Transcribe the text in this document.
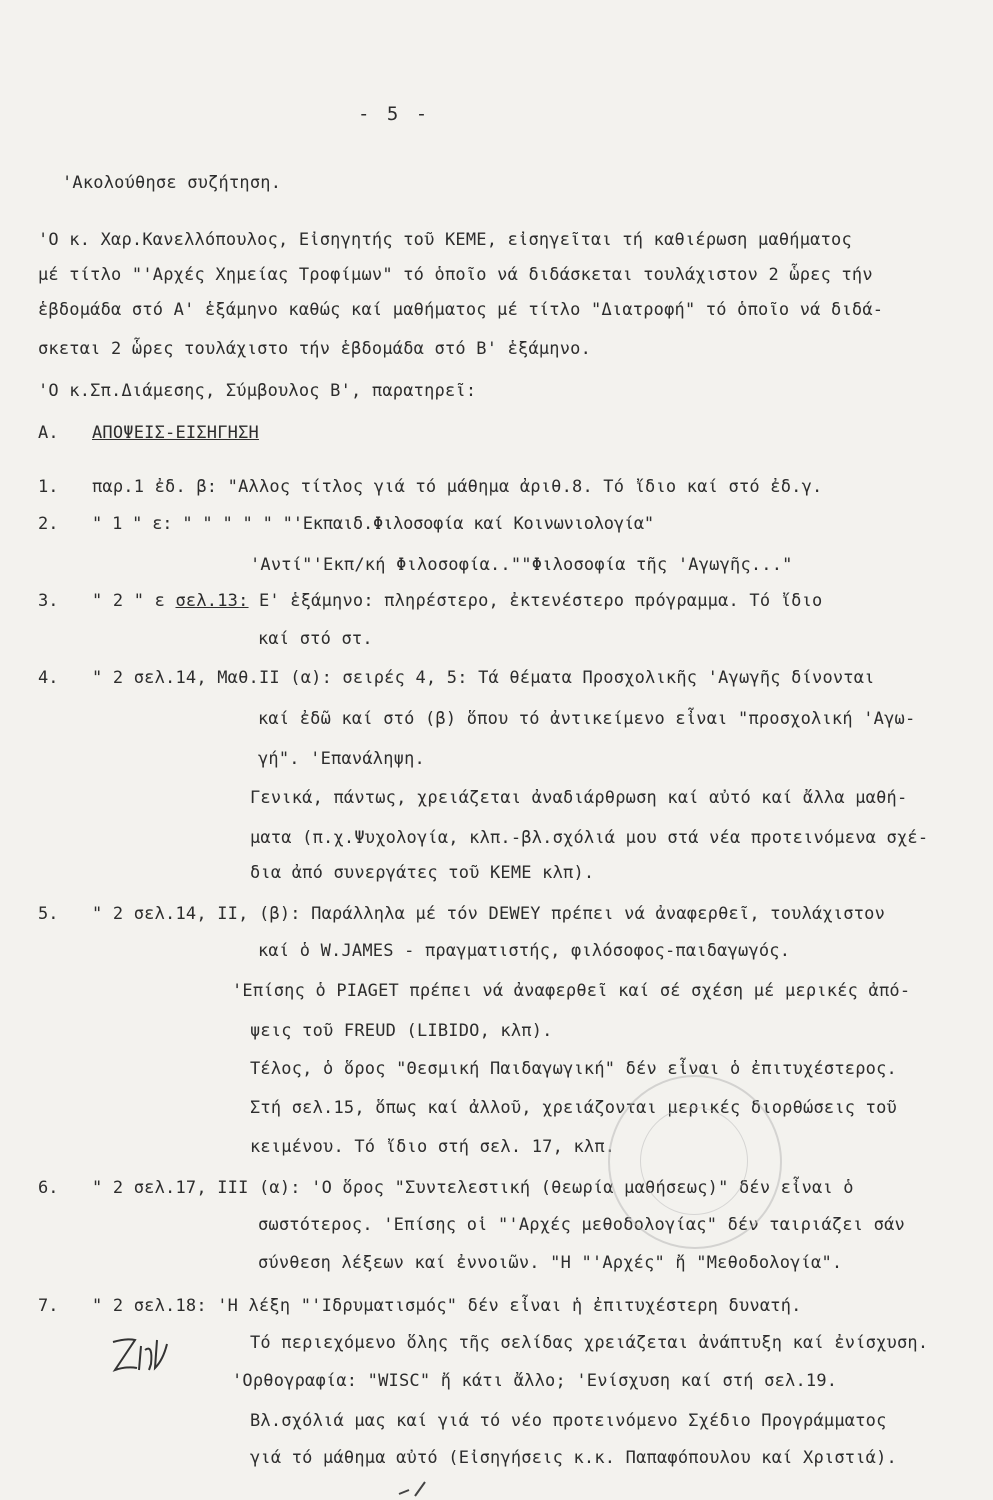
- 5 -
'Ακολούθησε συζήτηση.
'Ο κ. Χαρ.Κανελλόπουλος, Εἰσηγητής τοῦ ΚΕΜΕ, εἰσηγεῖται τή καθιέρωση μαθήματος
μέ τίτλο "'Αρχές Χημείας Τροφίμων" τό ὁποῖο νά διδάσκεται τουλάχιστον 2 ὧρες τήν
ἑβδομάδα στό Α' ἑξάμηνο καθώς καί μαθήματος μέ τίτλο "Διατροφή" τό ὁποῖο νά διδά-
σκεται 2 ὧρες τουλάχιστο τήν ἑβδομάδα στό Β' ἑξάμηνο.
'Ο κ.Σπ.Διάμεσης, Σύμβουλος Β', παρατηρεῖ:
Α. ΑΠΟΨΕΙΣ-ΕΙΣΗΓΗΣΗ
1. παρ.1 ἐδ. β: "Αλλος τίτλος γιά τό μάθημα ἀριθ.8. Τό ἴδιο καί στό ἐδ.γ.
2. " 1 " ε: " " " " " "'Εκπαιδ.Φιλοσοφία καί Κοινωνιολογία"
'Αντί"'Εκπ/κή Φιλοσοφία..""Φιλοσοφία τῆς 'Αγωγῆς..."
3. " 2 " ε σελ.13: Ε' ἑξάμηνο: πληρέστερο, ἐκτενέστερο πρόγραμμα. Τό ἴδιο
καί στό στ.
4. " 2 σελ.14, Μαθ.ΙΙ (α): σειρές 4, 5: Τά θέματα Προσχολικῆς 'Αγωγῆς δίνονται
καί ἐδῶ καί στό (β) ὅπου τό ἀντικείμενο εἶναι "προσχολική 'Αγω-
γή". 'Επανάληψη.
Γενικά, πάντως, χρειάζεται ἀναδιάρθρωση καί αὐτό καί ἄλλα μαθή-
ματα (π.χ.Ψυχολογία, κλπ.-βλ.σχόλιά μου στά νέα προτεινόμενα σχέ-
δια ἀπό συνεργάτες τοῦ ΚΕΜΕ κλπ).
5. " 2 σελ.14, ΙΙ, (β): Παράλληλα μέ τόν DEWEY πρέπει νά ἀναφερθεῖ, τουλάχιστον
καί ὁ W.JAMES - πραγματιστής, φιλόσοφος-παιδαγωγός.
'Επίσης ὁ PIAGET πρέπει νά ἀναφερθεῖ καί σέ σχέση μέ μερικές ἀπό-
ψεις τοῦ FREUD (LIBIDO, κλπ).
Τέλος, ὁ ὅρος "Θεσμική Παιδαγωγική" δέν εἶναι ὁ ἐπιτυχέστερος.
Στή σελ.15, ὅπως καί ἀλλοῦ, χρειάζονται μερικές διορθώσεις τοῦ
κειμένου. Τό ἴδιο στή σελ. 17, κλπ.
6. " 2 σελ.17, ΙΙΙ (α): 'Ο ὅρος "Συντελεστική (θεωρία μαθήσεως)" δέν εἶναι ὁ
σωστότερος. 'Επίσης οἱ "'Αρχές μεθοδολογίας" δέν ταιριάζει σάν
σύνθεση λέξεων καί ἐννοιῶν. "Η "'Αρχές" ἤ "Μεθοδολογία".
7. " 2 σελ.18: 'Η λέξη "'Ιδρυματισμός" δέν εἶναι ἡ ἐπιτυχέστερη δυνατή.
Τό περιεχόμενο ὅλης τῆς σελίδας χρειάζεται ἀνάπτυξη καί ἐνίσχυση.
'Ορθογραφία: "WISC" ἤ κάτι ἄλλο; 'Ενίσχυση καί στή σελ.19.
Βλ.σχόλιά μας καί γιά τό νέο προτεινόμενο Σχέδιο Προγράμματος
γιά τό μάθημα αὐτό (Εἰσηγήσεις κ.κ. Παπαφόπουλου καί Χριστιά).
